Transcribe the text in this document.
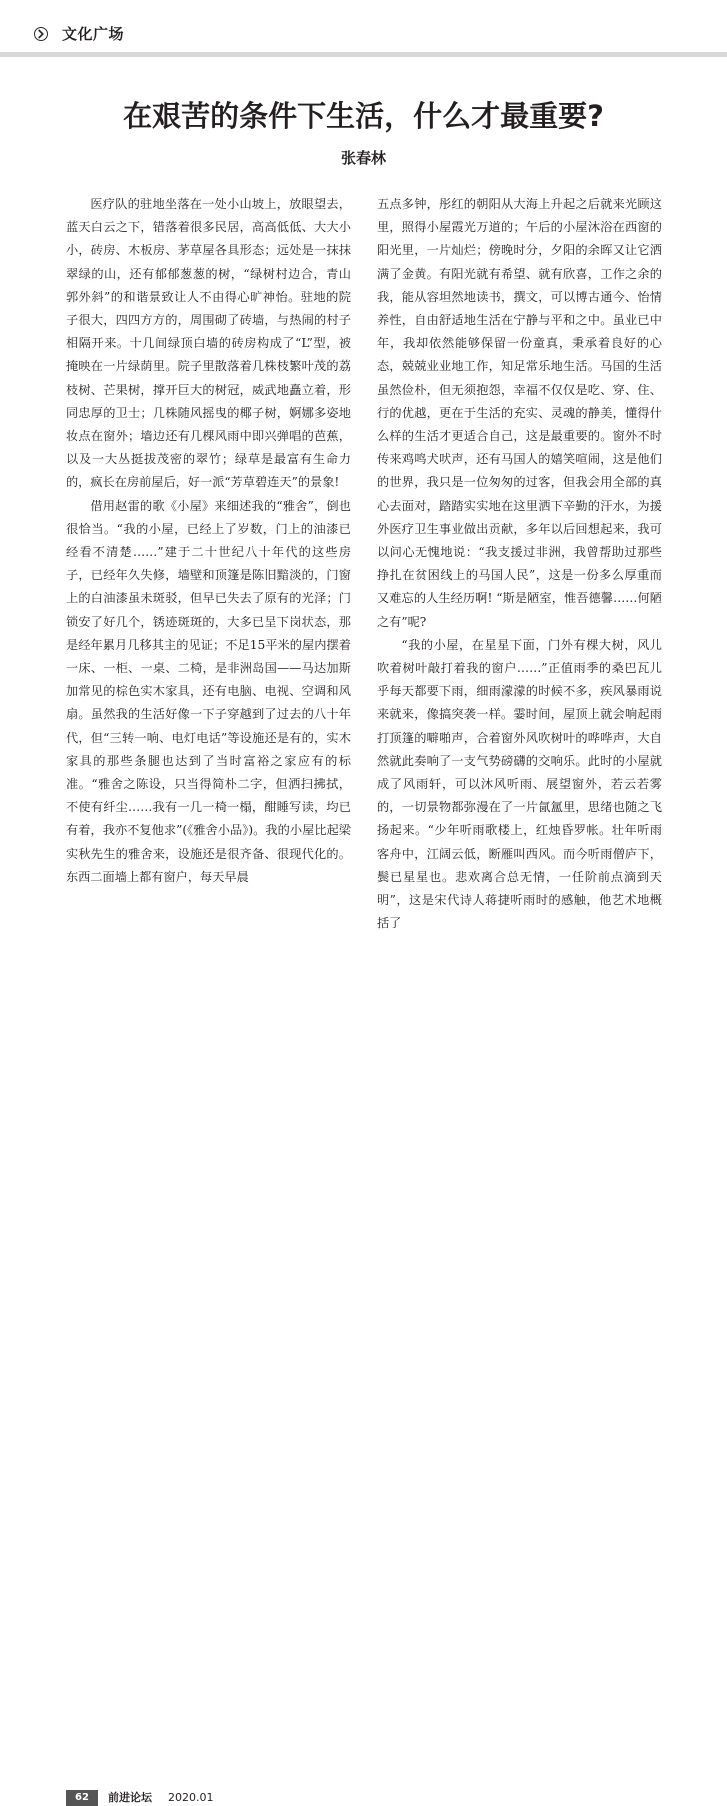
文化广场
在艰苦的条件下生活，什么才最重要?
张春林

医疗队的驻地坐落在一处小山坡上，放眼望去，蓝天白云之下，错落着很多民居，高高低低、大大小小，砖房、木板房、茅草屋各具形态；远处是一抹抹翠绿的山，还有郁郁葱葱的树，“绿树村边合，青山郭外斜”的和谐景致让人不由得心旷神怡。驻地的院子很大，四四方方的，周围砌了砖墙，与热闹的村子相隔开来。十几间绿顶白墙的砖房构成了“L”型，被掩映在一片绿荫里。院子里散落着几株枝繁叶茂的荔枝树、芒果树，撑开巨大的树冠，威武地矗立着，形同忠厚的卫士；几株随风摇曳的椰子树，婀娜多姿地妆点在窗外；墙边还有几棵风雨中即兴弹唱的芭蕉，以及一大丛挺拔茂密的翠竹；绿草是最富有生命力的，疯长在房前屋后，好一派“芳草碧连天”的景象!

借用赵雷的歌《小屋》来细述我的“雅舍”，倒也很恰当。“我的小屋，已经上了岁数，门上的油漆已经看不清楚……”建于二十世纪八十年代的这些房子，已经年久失修，墙壁和顶篷是陈旧黯淡的，门窗上的白油漆虽未斑驳，但早已失去了原有的光泽；门锁安了好几个，锈迹斑斑的，大多已呈下岗状态，那是经年累月几移其主的见证；不足15平米的屋内摆着一床、一柜、一桌、二椅，是非洲岛国——马达加斯加常见的棕色实木家具，还有电脑、电视、空调和风扇。虽然我的生活好像一下子穿越到了过去的八十年代，但“三转一响、电灯电话”等设施还是有的，实木家具的那些条腿也达到了当时富裕之家应有的标准。“雅舍之陈设，只当得简朴二字，但洒扫拂拭，不使有纤尘……我有一几一椅一榻，酣睡写读，均已有着，我亦不复他求”(《雅舍小品》)。我的小屋比起梁实秋先生的雅舍来，设施还是很齐备、很现代化的。东西二面墙上都有窗户，每天早晨

五点多钟，彤红的朝阳从大海上升起之后就来光顾这里，照得小屋霞光万道的；午后的小屋沐浴在西窗的阳光里，一片灿烂；傍晚时分，夕阳的余晖又让它洒满了金黄。有阳光就有希望、就有欣喜，工作之余的我，能从容坦然地读书，撰文，可以博古通今、怡情养性，自由舒适地生活在宁静与平和之中。虽业已中年，我却依然能够保留一份童真，秉承着良好的心态，兢兢业业地工作，知足常乐地生活。马国的生活虽然俭朴，但无须抱怨，幸福不仅仅是吃、穿、住、行的优越，更在于生活的充实、灵魂的静美，懂得什么样的生活才更适合自己，这是最重要的。窗外不时传来鸡鸣犬吠声，还有马国人的嬉笑喧闹，这是他们的世界，我只是一位匆匆的过客，但我会用全部的真心去面对，踏踏实实地在这里洒下辛勤的汗水，为援外医疗卫生事业做出贡献，多年以后回想起来，我可以问心无愧地说：“我支援过非洲，我曾帮助过那些挣扎在贫困线上的马国人民”，这是一份多么厚重而又难忘的人生经历啊! “斯是陋室，惟吾德馨……何陋之有”呢?

“我的小屋，在星星下面，门外有棵大树，风儿吹着树叶敲打着我的窗户……”正值雨季的桑巴瓦儿乎每天都要下雨，细雨濛濛的时候不多，疾风暴雨说来就来，像搞突袭一样。霎时间，屋顶上就会响起雨打顶篷的噼啪声，合着窗外风吹树叶的哗哗声，大自然就此奏响了一支气势磅礴的交响乐。此时的小屋就成了风雨轩，可以沐风听雨、展望窗外，若云若雾的，一切景物都弥漫在了一片氤氲里，思绪也随之飞扬起来。“少年听雨歌楼上，红烛昏罗帐。壮年听雨客舟中，江阔云低，断雁叫西风。而今听雨僧庐下，鬓已星星也。悲欢离合总无情，一任阶前点滴到天明”，这是宋代诗人蒋捷听雨时的感触，他艺术地概括了

62	前进论坛 2020.01
